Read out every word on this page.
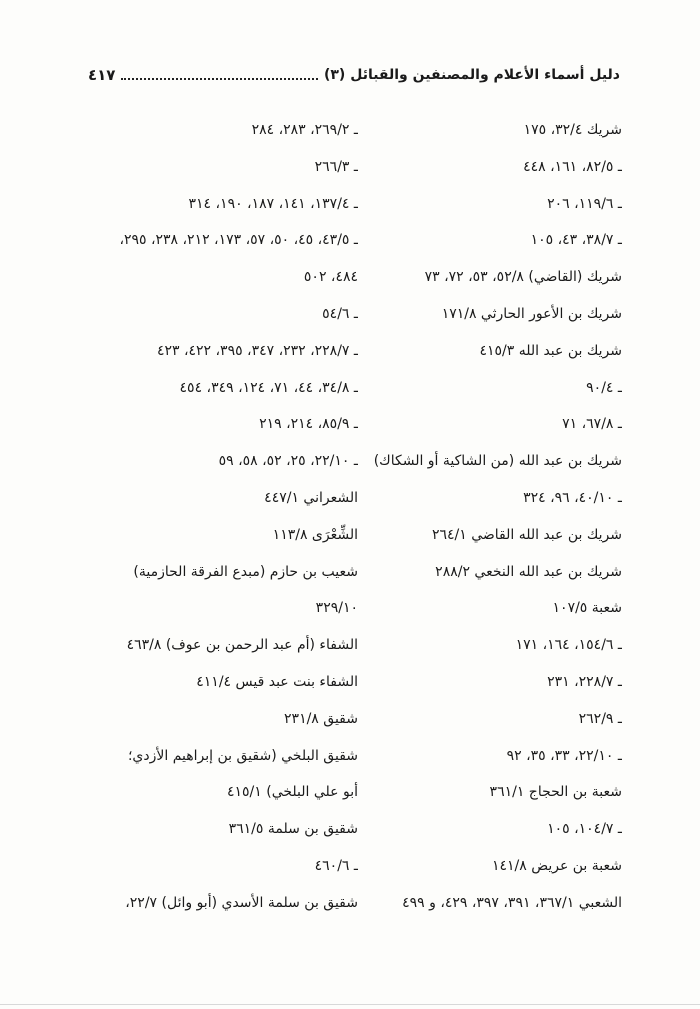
دليل أسماء الأعلام والمصنفين والقبائل (٣)
٤١٧
شريك ٣٢/٤، ١٧٥
ـ ٨٢/٥، ١٦١، ٤٤٨
ـ ١١٩/٦، ٢٠٦
ـ ٣٨/٧، ٤٣، ١٠٥
شريك (القاضي) ٥٢/٨، ٥٣، ٧٢، ٧٣
شريك بن الأعور الحارثي ١٧١/٨
شريك بن عبد الله ٤١٥/٣
ـ ٩٠/٤
ـ ٦٧/٨، ٧١
شريك بن عبد الله (من الشاكية أو الشكاك)
ـ ٤٠/١٠، ٩٦، ٣٢٤
شريك بن عبد الله القاضي ٢٦٤/١
شريك بن عبد الله النخعي ٢٨٨/٢
شعبة ١٠٧/٥
ـ ١٥٤/٦، ١٦٤، ١٧١
ـ ٢٢٨/٧، ٢٣١
ـ ٢٦٢/٩
ـ ٢٢/١٠، ٣٣، ٣٥، ٩٢
شعبة بن الحجاج ٣٦١/١
ـ ١٠٤/٧، ١٠٥
شعبة بن عريض ١٤١/٨
الشعبي ٣٦٧/١، ٣٩١، ٣٩٧، ٤٢٩، و ٤٩٩
ـ ٢٦٩/٢، ٢٨٣، ٢٨٤
ـ ٢٦٦/٣
ـ ١٣٧/٤، ١٤١، ١٨٧، ١٩٠، ٣١٤
ـ ٤٣/٥، ٤٥، ٥٠، ٥٧، ١٧٣، ٢١٢، ٢٣٨، ٢٩٥،
٤٨٤، ٥٠٢
ـ ٥٤/٦
ـ ٢٢٨/٧، ٢٣٢، ٣٤٧، ٣٩٥، ٤٢٢، ٤٢٣
ـ ٣٤/٨، ٤٤، ٧١، ١٢٤، ٣٤٩، ٤٥٤
ـ ٨٥/٩، ٢١٤، ٢١٩
ـ ٢٢/١٠، ٢٥، ٥٢، ٥٨، ٥٩
الشعراني ٤٤٧/١
الشِّعْرَى ١١٣/٨
شعيب بن حازم (مبدع الفرقة الحازمية)
٣٢٩/١٠
الشفاء (أم عبد الرحمن بن عوف) ٤٦٣/٨
الشفاء بنت عبد قيس ٤١١/٤
شقيق ٢٣١/٨
شقيق البلخي (شقيق بن إبراهيم الأزدي؛
أبو علي البلخي) ٤١٥/١
شقيق بن سلمة ٣٦١/٥
ـ ٤٦٠/٦
شقيق بن سلمة الأسدي (أبو وائل) ٢٢/٧،
